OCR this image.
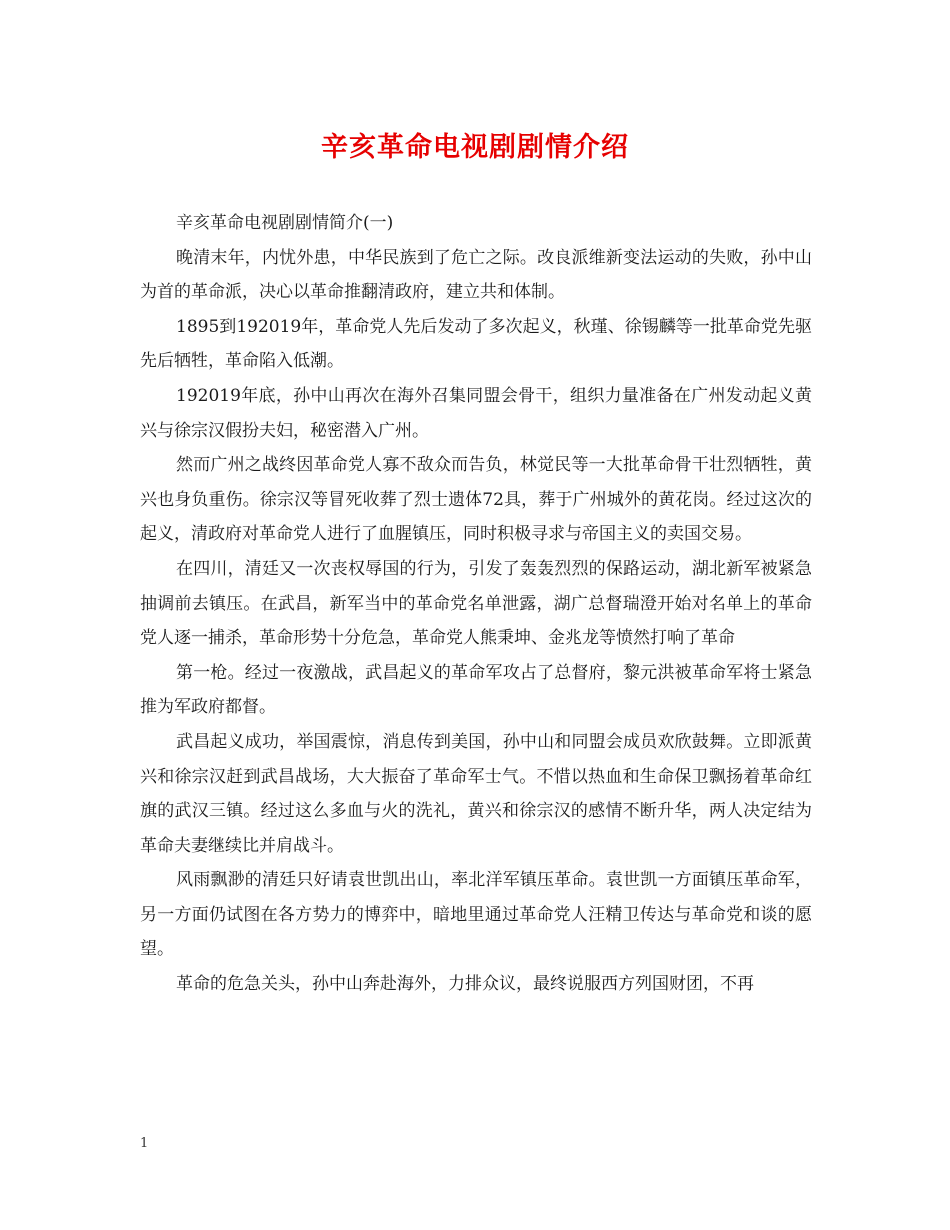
辛亥革命电视剧剧情介绍

辛亥革命电视剧剧情简介(一)

晚清末年，内忧外患，中华民族到了危亡之际。改良派维新变法运动的失败，孙中山为首的革命派，决心以革命推翻清政府，建立共和体制。

1895到192019年，革命党人先后发动了多次起义，秋瑾、徐锡麟等一批革命党先驱先后牺牲，革命陷入低潮。

192019年底，孙中山再次在海外召集同盟会骨干，组织力量准备在广州发动起义黄兴与徐宗汉假扮夫妇，秘密潜入广州。

然而广州之战终因革命党人寡不敌众而告负，林觉民等一大批革命骨干壮烈牺牲，黄兴也身负重伤。徐宗汉等冒死收葬了烈士遗体72具，葬于广州城外的黄花岗。经过这次的起义，清政府对革命党人进行了血腥镇压，同时积极寻求与帝国主义的卖国交易。

在四川，清廷又一次丧权辱国的行为，引发了轰轰烈烈的保路运动，湖北新军被紧急抽调前去镇压。在武昌，新军当中的革命党名单泄露，湖广总督瑞澄开始对名单上的革命党人逐一捕杀，革命形势十分危急，革命党人熊秉坤、金兆龙等愤然打响了革命

第一枪。经过一夜激战，武昌起义的革命军攻占了总督府，黎元洪被革命军将士紧急推为军政府都督。

武昌起义成功，举国震惊，消息传到美国，孙中山和同盟会成员欢欣鼓舞。立即派黄兴和徐宗汉赶到武昌战场，大大振奋了革命军士气。不惜以热血和生命保卫飘扬着革命红旗的武汉三镇。经过这么多血与火的洗礼，黄兴和徐宗汉的感情不断升华，两人决定结为革命夫妻继续比并肩战斗。

风雨飘渺的清廷只好请袁世凯出山，率北洋军镇压革命。袁世凯一方面镇压革命军，另一方面仍试图在各方势力的博弈中，暗地里通过革命党人汪精卫传达与革命党和谈的愿望。

革命的危急关头，孙中山奔赴海外，力排众议，最终说服西方列国财团，不再

1
